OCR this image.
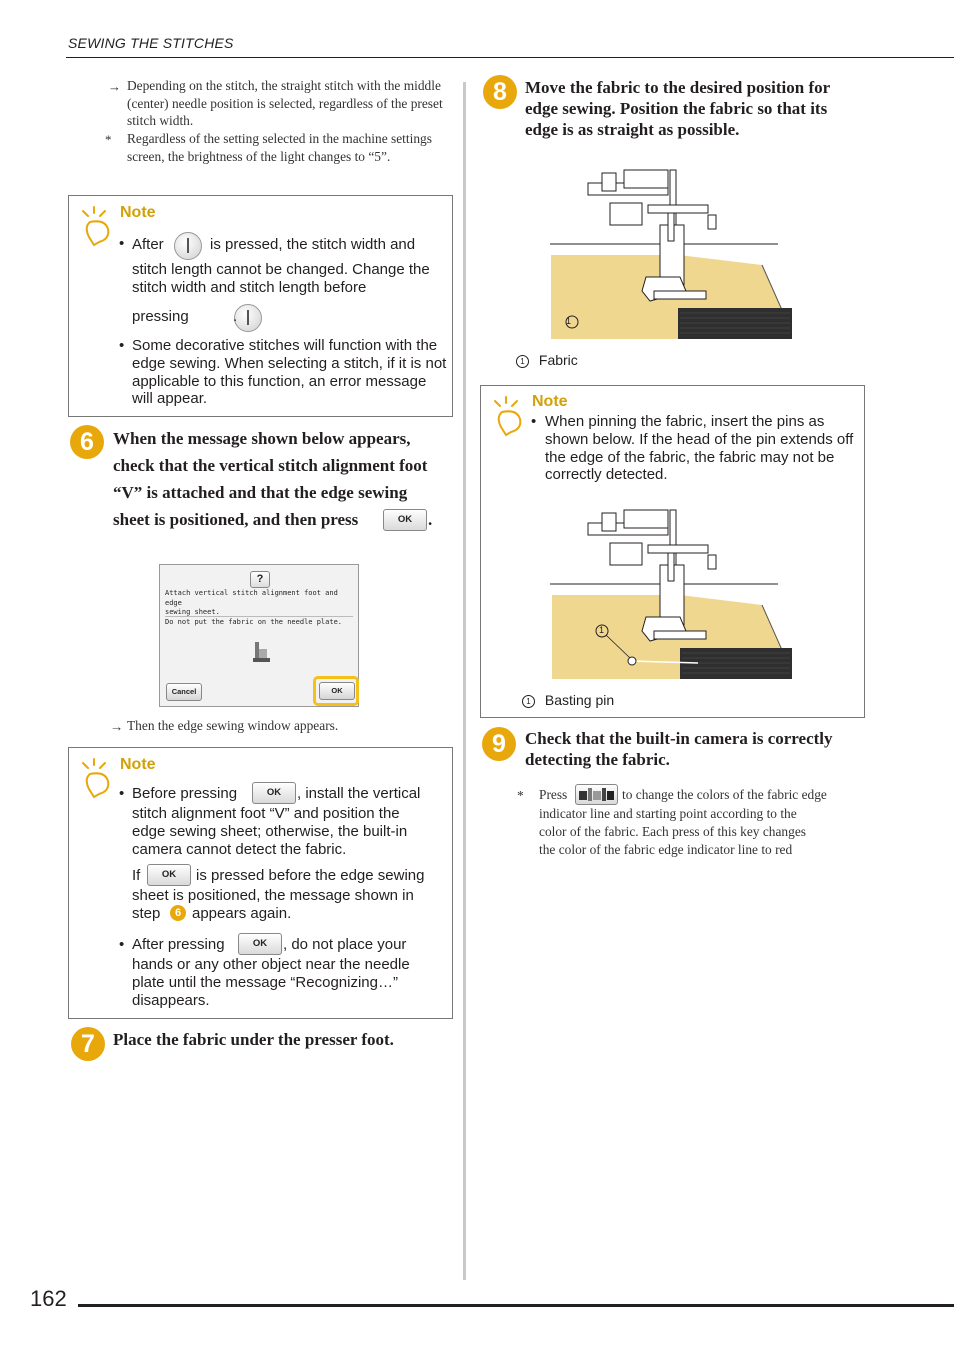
SEWING THE STITCHES
→ Depending on the stitch, the straight stitch with the middle (center) needle position is selected, regardless of the preset stitch width.
*	Regardless of the setting selected in the machine settings screen, the brightness of the light changes to “5”.
Note
• After
	is pressed, the stitch width and
stitch length cannot be changed. Change the stitch width and stitch length before
pressing	.
• Some decorative stitches will function with the edge sewing. When selecting a stitch, if it is not applicable to this function, an error message will appear.
6	When the message shown below appears,
check that the vertical stitch alignment foot
“V” is attached and that the edge sewing
sheet is positioned, and then press	OK .
?
Attach vertical stitch alignment foot and edge
sewing sheet.
Do not put the fabric on the needle plate.
Cancel	OK
→ Then the edge sewing window appears.
Note
• Before pressing	OK	, install the vertical
stitch alignment foot “V” and position the edge sewing sheet; otherwise, the built-in camera cannot detect the fabric.
If	OK	is pressed before the edge sewing
sheet is positioned, the message shown in
step	6 appears again.
• After pressing	OK	, do not place your
hands or any other object near the needle plate until the message “Recognizing…” disappears.
7	Place the fabric under the presser foot.
8	Move the fabric to the desired position for
edge sewing. Position the fabric so that its
edge is as straight as possible.
1
1 Fabric
Note
• When pinning the fabric, insert the pins as shown below. If the head of the pin extends off the edge of the fabric, the fabric may not be correctly detected.
1
1 Basting pin
9	Check that the built-in camera is correctly
detecting the fabric.
* Press	to change the colors of the fabric edge
indicator line and starting point according to the
color of the fabric. Each press of this key changes
the color of the fabric edge indicator line to red
162
